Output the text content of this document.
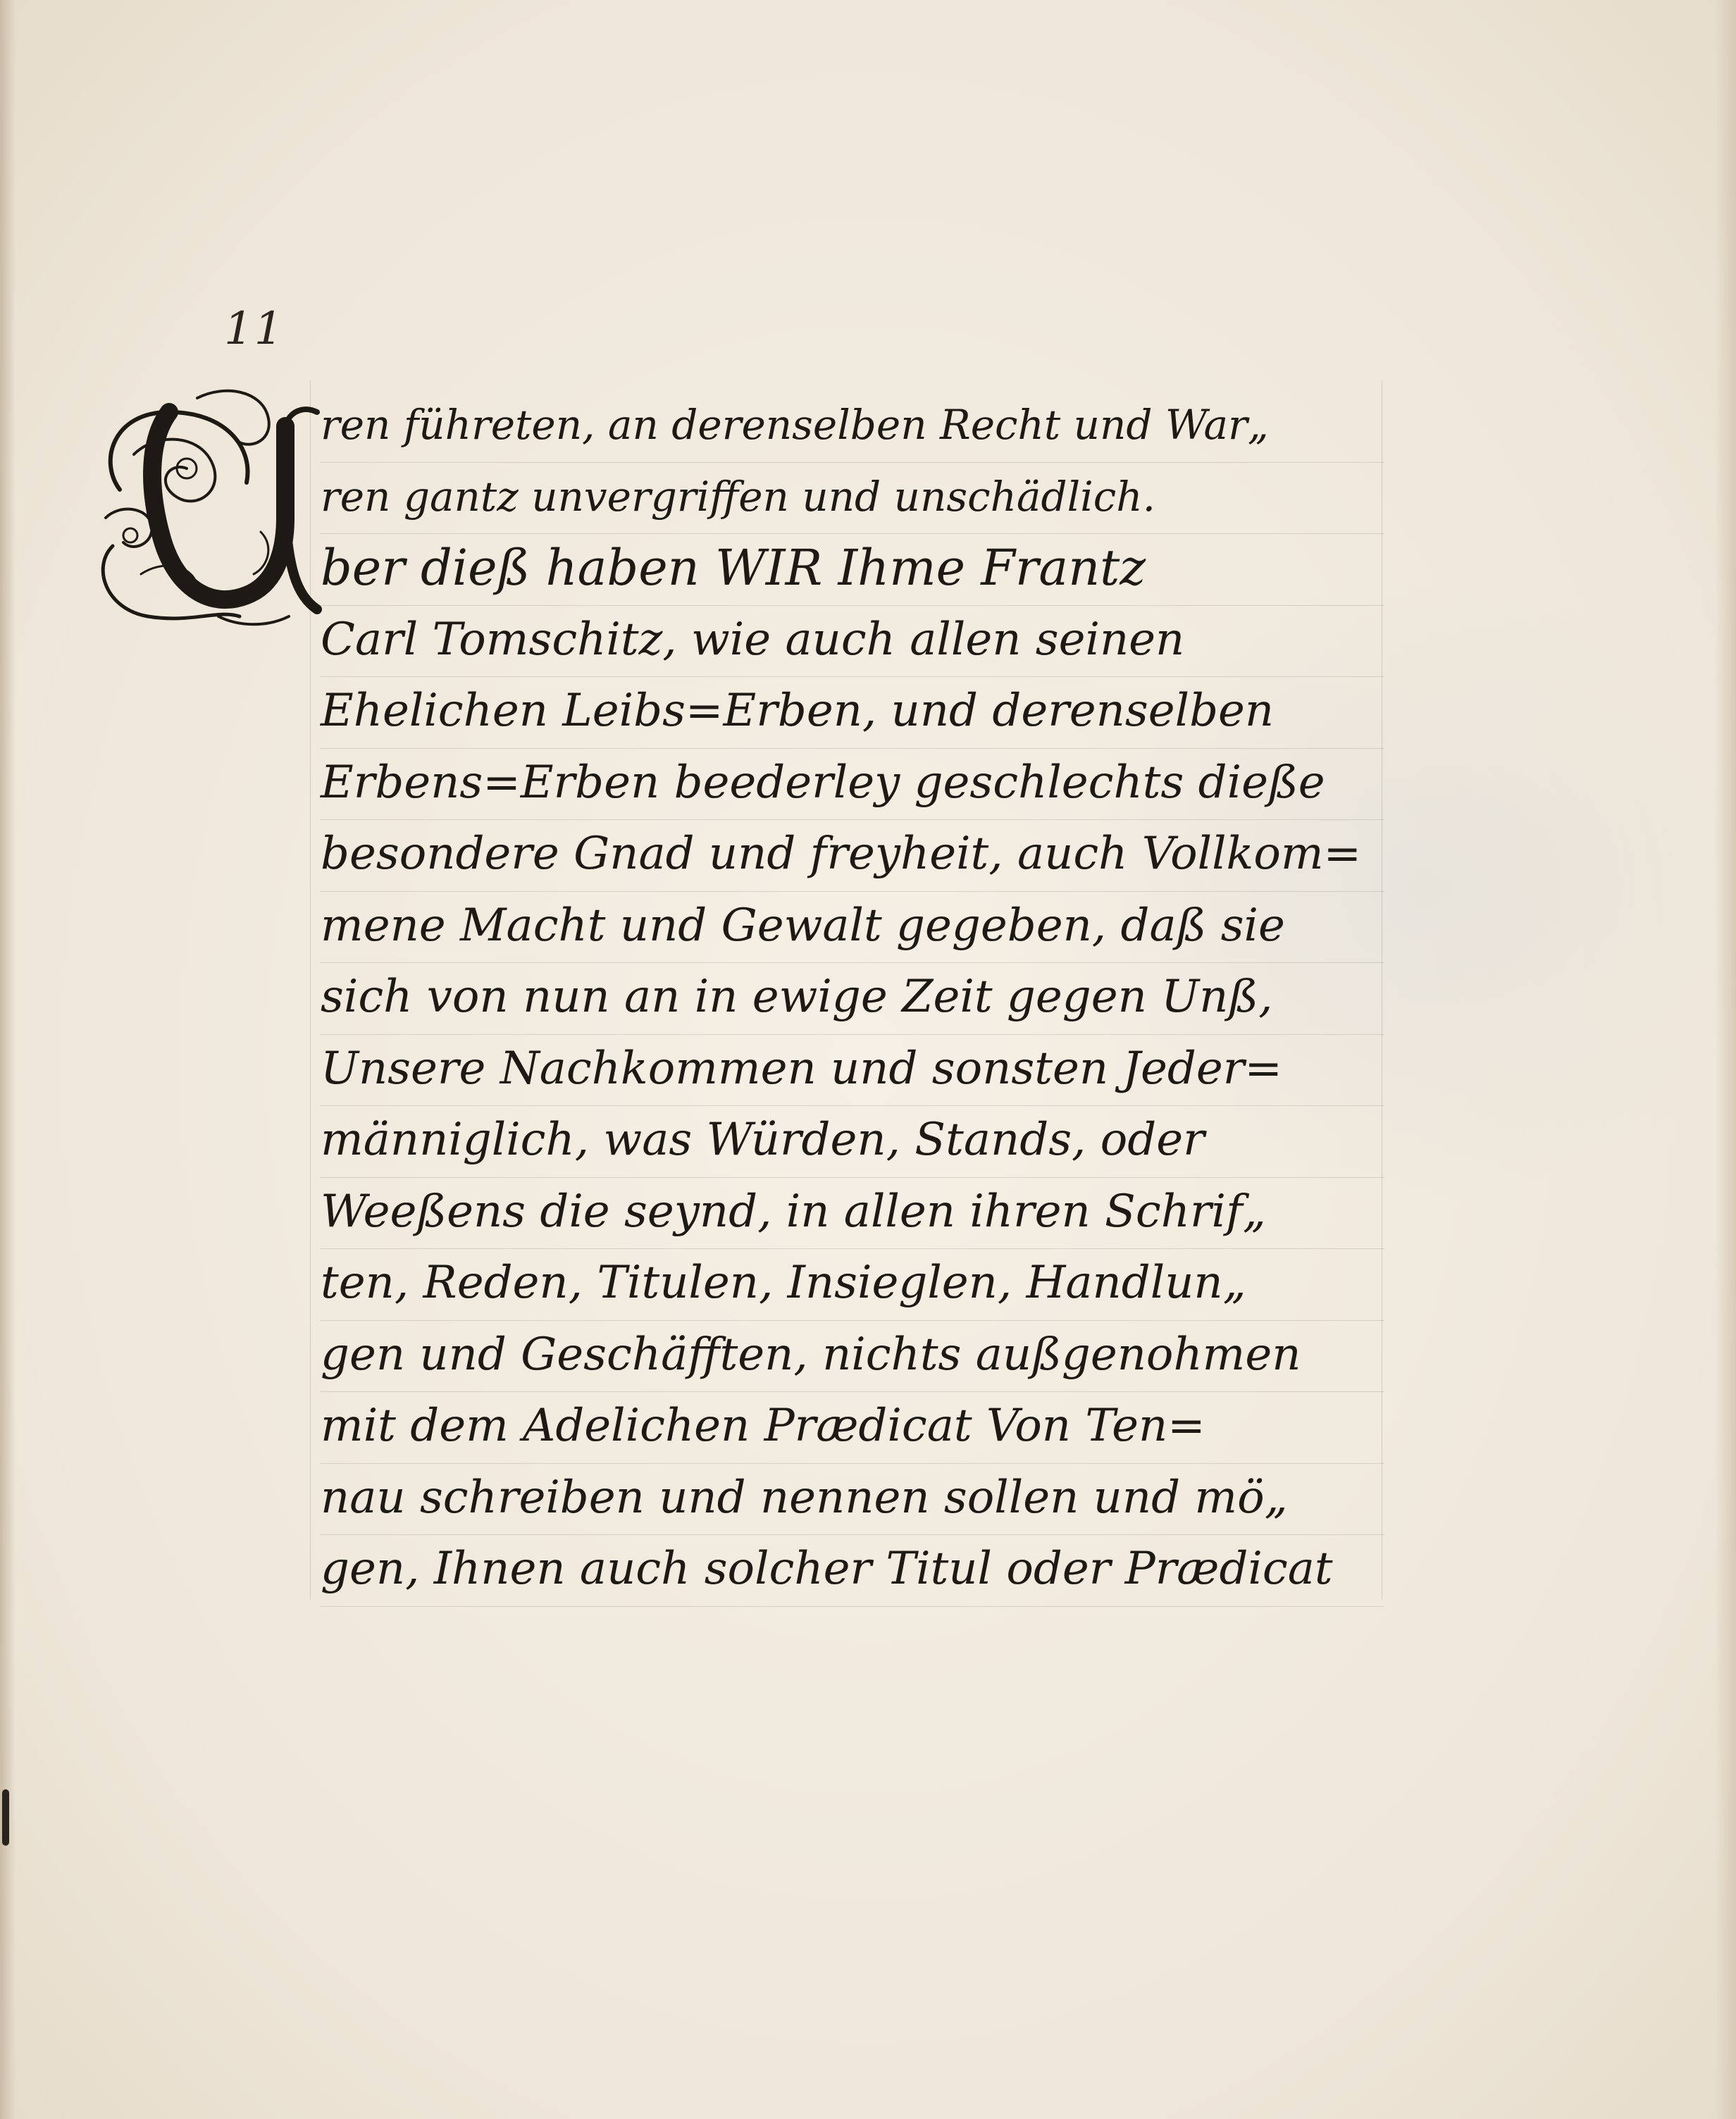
11
U
ren führeten, an derenselben Recht und War„
ren gantz unvergriffen und unschädlich.
ber dieß haben WIR Ihme Frantz
Carl Tomschitz, wie auch allen seinen
Ehelichen Leibs=Erben, und derenselben
Erbens=Erben beederley geschlechts dieße
besondere Gnad und freyheit, auch Vollkom=
mene Macht und Gewalt gegeben, daß sie
sich von nun an in ewige Zeit gegen Unß,
Unsere Nachkommen und sonsten Jeder=
männiglich, was Würden, Stands, oder
Weeßens die seynd, in allen ihren Schrif„
ten, Reden, Titulen, Insieglen, Handlun„
gen und Geschäfften, nichts außgenohmen
mit dem Adelichen Prædicat Von Ten=
nau schreiben und nennen sollen und mö„
gen, Ihnen auch solcher Titul oder Prædicat
